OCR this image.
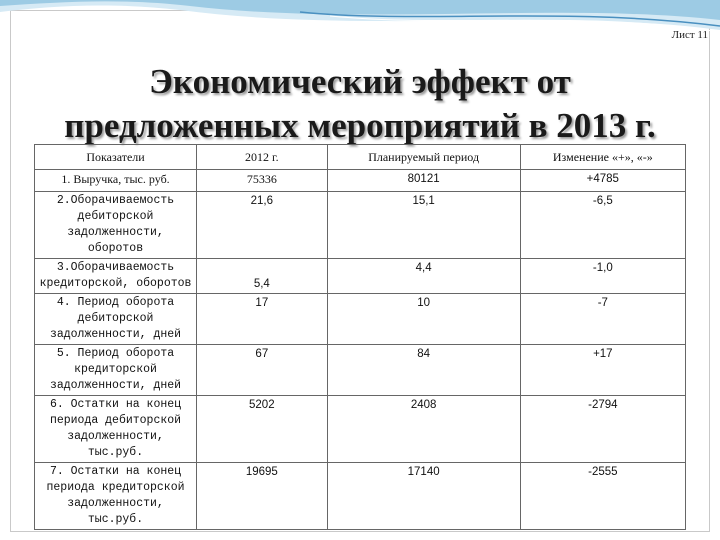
Лист 11
Экономический эффект от
предложенных мероприятий в 2013 г.
Показатели	2012 г.	Планируемый период	Изменение «+», «-»
1. Выручка, тыс. руб.	75336	80121	+4785
2.Оборачиваемость дебиторской задолженности, оборотов	21,6	15,1	-6,5
3.Оборачиваемость кредиторской, оборотов	5,4	4,4	-1,0
4. Период оборота дебиторской задолженности, дней	17	10	-7
5. Период оборота кредиторской задолженности, дней	67	84	+17
6. Остатки на конец периода дебиторской задолженности, тыс.руб.	5202	2408	-2794
7. Остатки на конец периода кредиторской задолженности, тыс.руб.	19695	17140	-2555
